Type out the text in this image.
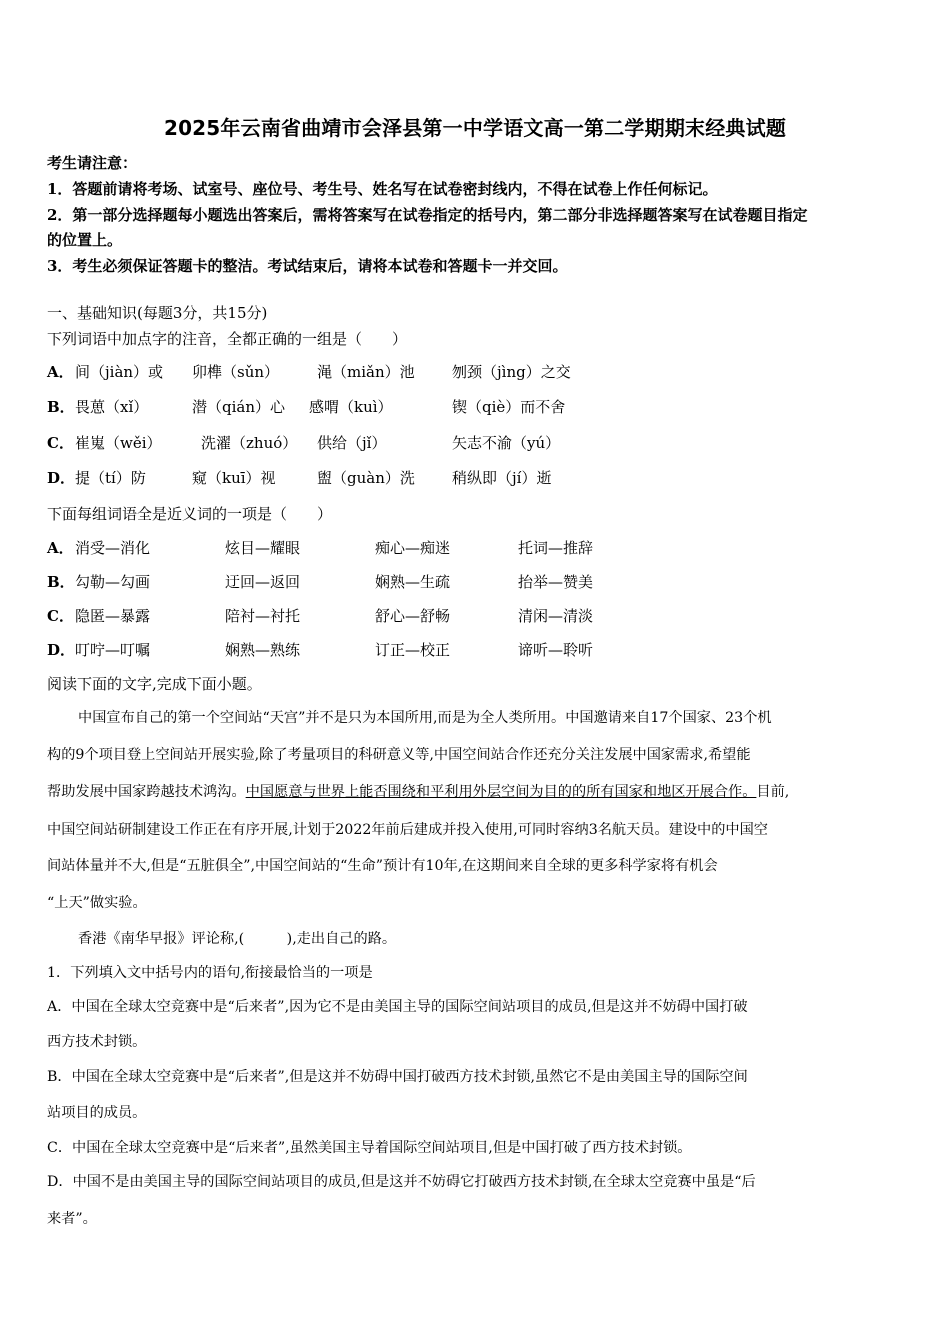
2025年云南省曲靖市会泽县第一中学语文高一第二学期期末经典试题
考生请注意：
1．答题前请将考场、试室号、座位号、考生号、姓名写在试卷密封线内，不得在试卷上作任何标记。
2．第一部分选择题每小题选出答案后，需将答案写在试卷指定的括号内，第二部分非选择题答案写在试卷题目指定
的位置上。
3．考生必须保证答题卡的整洁。考试结束后，请将本试卷和答题卡一并交回。
一、基础知识(每题3分，共15分)
下列词语中加点字的注音，全都正确的一组是（　　）
A． 间（jiàn）或 卯榫（sǔn）	渑（miǎn）池 刎颈（jìng）之交
B． 畏葸（xǐ）	潜（qián）心 感喟（kuì）	锲（qiè）而不舍
C． 崔嵬（wěi）	洗濯（zhuó） 供给（jǐ）	矢志不渝（yú）
D． 提（tí）防	窥（kuī）视	盥（guàn）洗 稍纵即（jí）逝
下面每组词语全是近义词的一项是（　　）
A． 消受—消化	炫目—耀眼	痴心—痴迷	托词—推辞
B． 勾勒—勾画	迂回—返回	娴熟—生疏	抬举—赞美
C． 隐匿—暴露	陪衬—衬托	舒心—舒畅	清闲—清淡
D． 叮咛—叮嘱	娴熟—熟练	订正—校正	谛听—聆听
阅读下面的文字,完成下面小题。
中国宣布自己的第一个空间站“天宫”并不是只为本国所用,而是为全人类所用。中国邀请来自17个国家、23个机
构的9个项目登上空间站开展实验,除了考量项目的科研意义等,中国空间站合作还充分关注发展中国家需求,希望能
帮助发展中国家跨越技术鸿沟。中国愿意与世界上能否围绕和平利用外层空间为目的的所有国家和地区开展合作。目前,
中国空间站研制建设工作正在有序开展,计划于2022年前后建成并投入使用,可同时容纳3名航天员。建设中的中国空
间站体量并不大,但是“五脏俱全”,中国空间站的“生命”预计有10年,在这期间来自全球的更多科学家将有机会
“上天”做实验。
香港《南华早报》评论称,(　　　),走出自己的路。
1．下列填入文中括号内的语句,衔接最恰当的一项是
A．中国在全球太空竞赛中是“后来者”,因为它不是由美国主导的国际空间站项目的成员,但是这并不妨碍中国打破
西方技术封锁。
B．中国在全球太空竞赛中是“后来者”,但是这并不妨碍中国打破西方技术封锁,虽然它不是由美国主导的国际空间
站项目的成员。
C．中国在全球太空竞赛中是“后来者”,虽然美国主导着国际空间站项目,但是中国打破了西方技术封锁。
D．中国不是由美国主导的国际空间站项目的成员,但是这并不妨碍它打破西方技术封锁,在全球太空竞赛中虽是“后
来者”。
